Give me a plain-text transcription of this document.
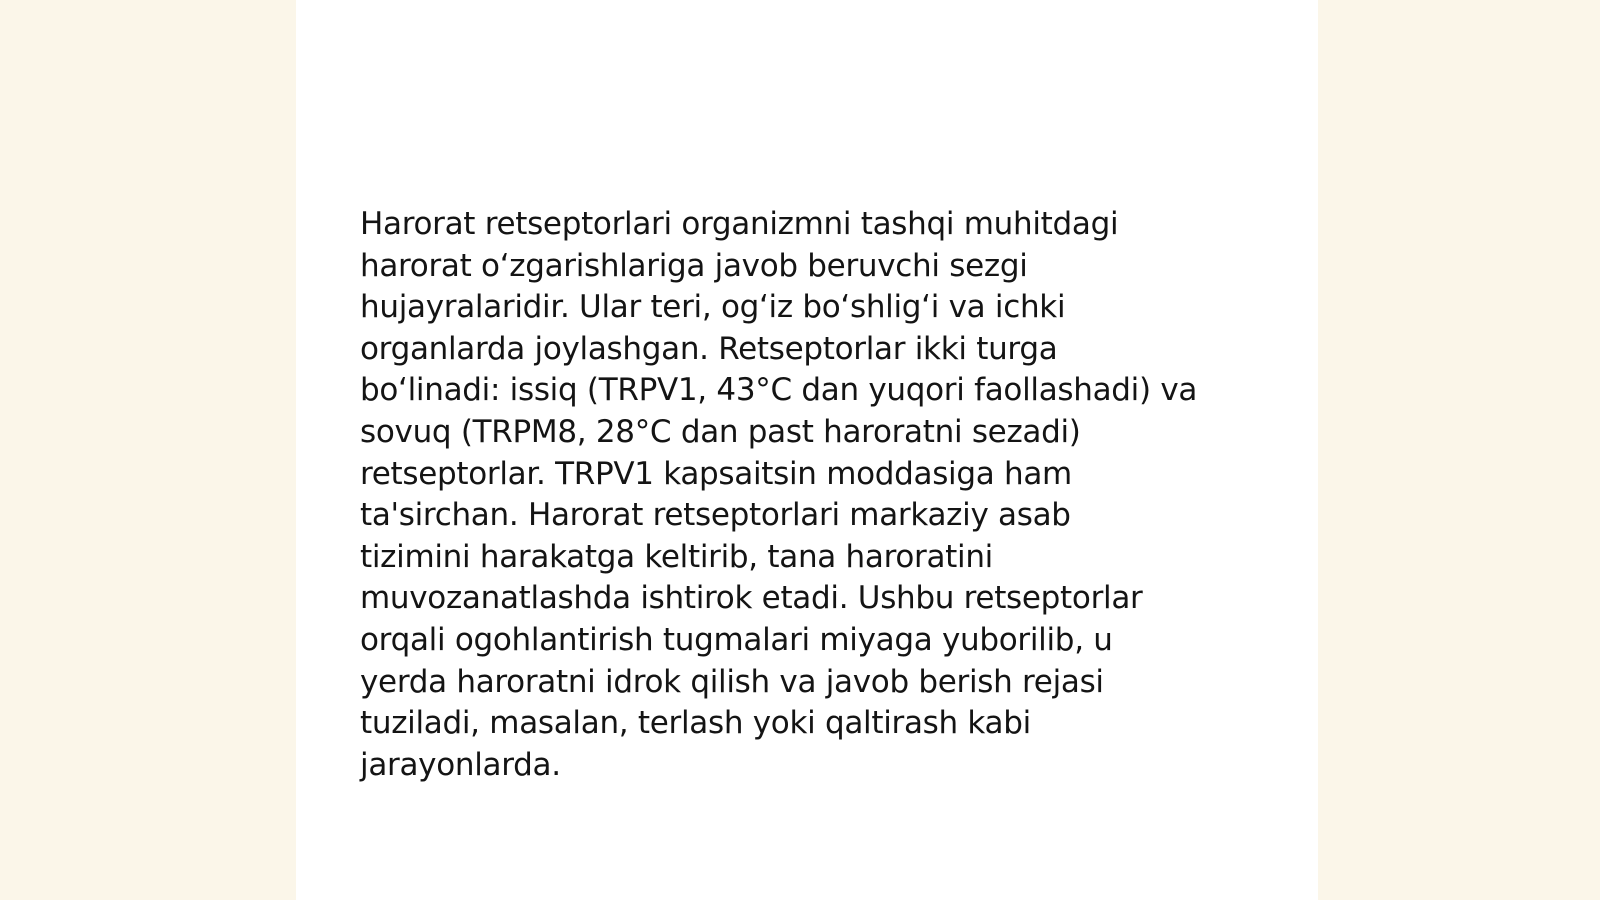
Harorat retseptorlari organizmni tashqi muhitdagi
harorat oʻzgarishlariga javob beruvchi sezgi
hujayralaridir. Ular teri, ogʻiz boʻshligʻi va ichki
organlarda joylashgan. Retseptorlar ikki turga
boʻlinadi: issiq (TRPV1, 43°C dan yuqori faollashadi) va
sovuq (TRPM8, 28°C dan past haroratni sezadi)
retseptorlar. TRPV1 kapsaitsin moddasiga ham
ta'sirchan. Harorat retseptorlari markaziy asab
tizimini harakatga keltirib, tana haroratini
muvozanatlashda ishtirok etadi. Ushbu retseptorlar
orqali ogohlantirish tugmalari miyaga yuborilib, u
yerda haroratni idrok qilish va javob berish rejasi
tuziladi, masalan, terlash yoki qaltirash kabi
jarayonlarda.
